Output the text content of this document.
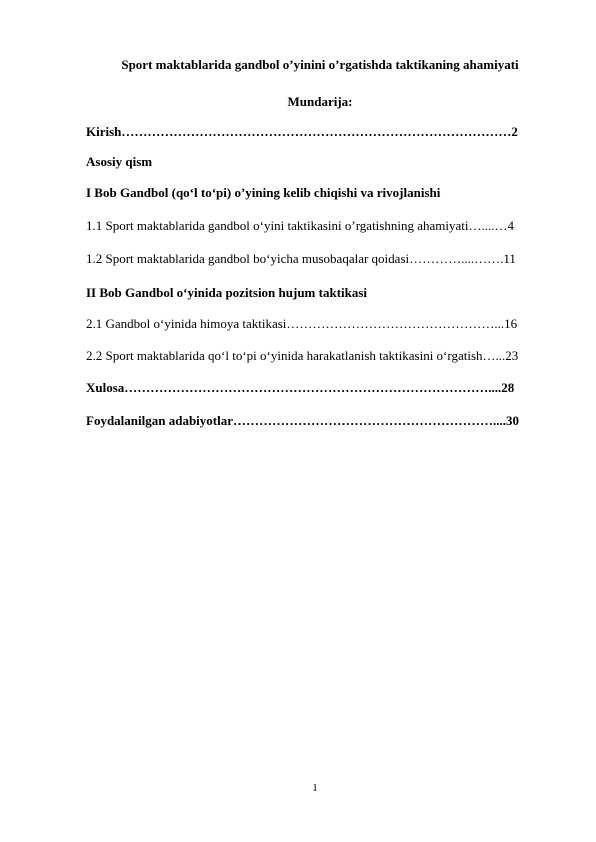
Sport maktablarida gandbol o’yinini o’rgatishda taktikaning ahamiyati
Mundarija:
Kirish………………………………………………………………………………2
Asosiy qism
I Bob Gandbol (qo‘l to‘pi) o’yining kelib chiqishi va rivojlanishi
1.1 Sport maktablarida gandbol o‘yini taktikasini o’rgatishning ahamiyati…....…4
1.2 Sport maktablarida gandbol bo‘yicha musobaqalar qoidasi…………....…….11
II Bob Gandbol o‘yinida pozitsion hujum taktikasi
2.1 Gandbol o‘yinida himoya taktikasi…………………………………………...16
2.2 Sport maktablarida qo‘l to‘pi o‘yinida harakatlanish taktikasini o‘rgatish…...23
Xulosa…………………………………………………………………………....28
Foydalanilgan adabiyotlar……………………………………………………....30
1
